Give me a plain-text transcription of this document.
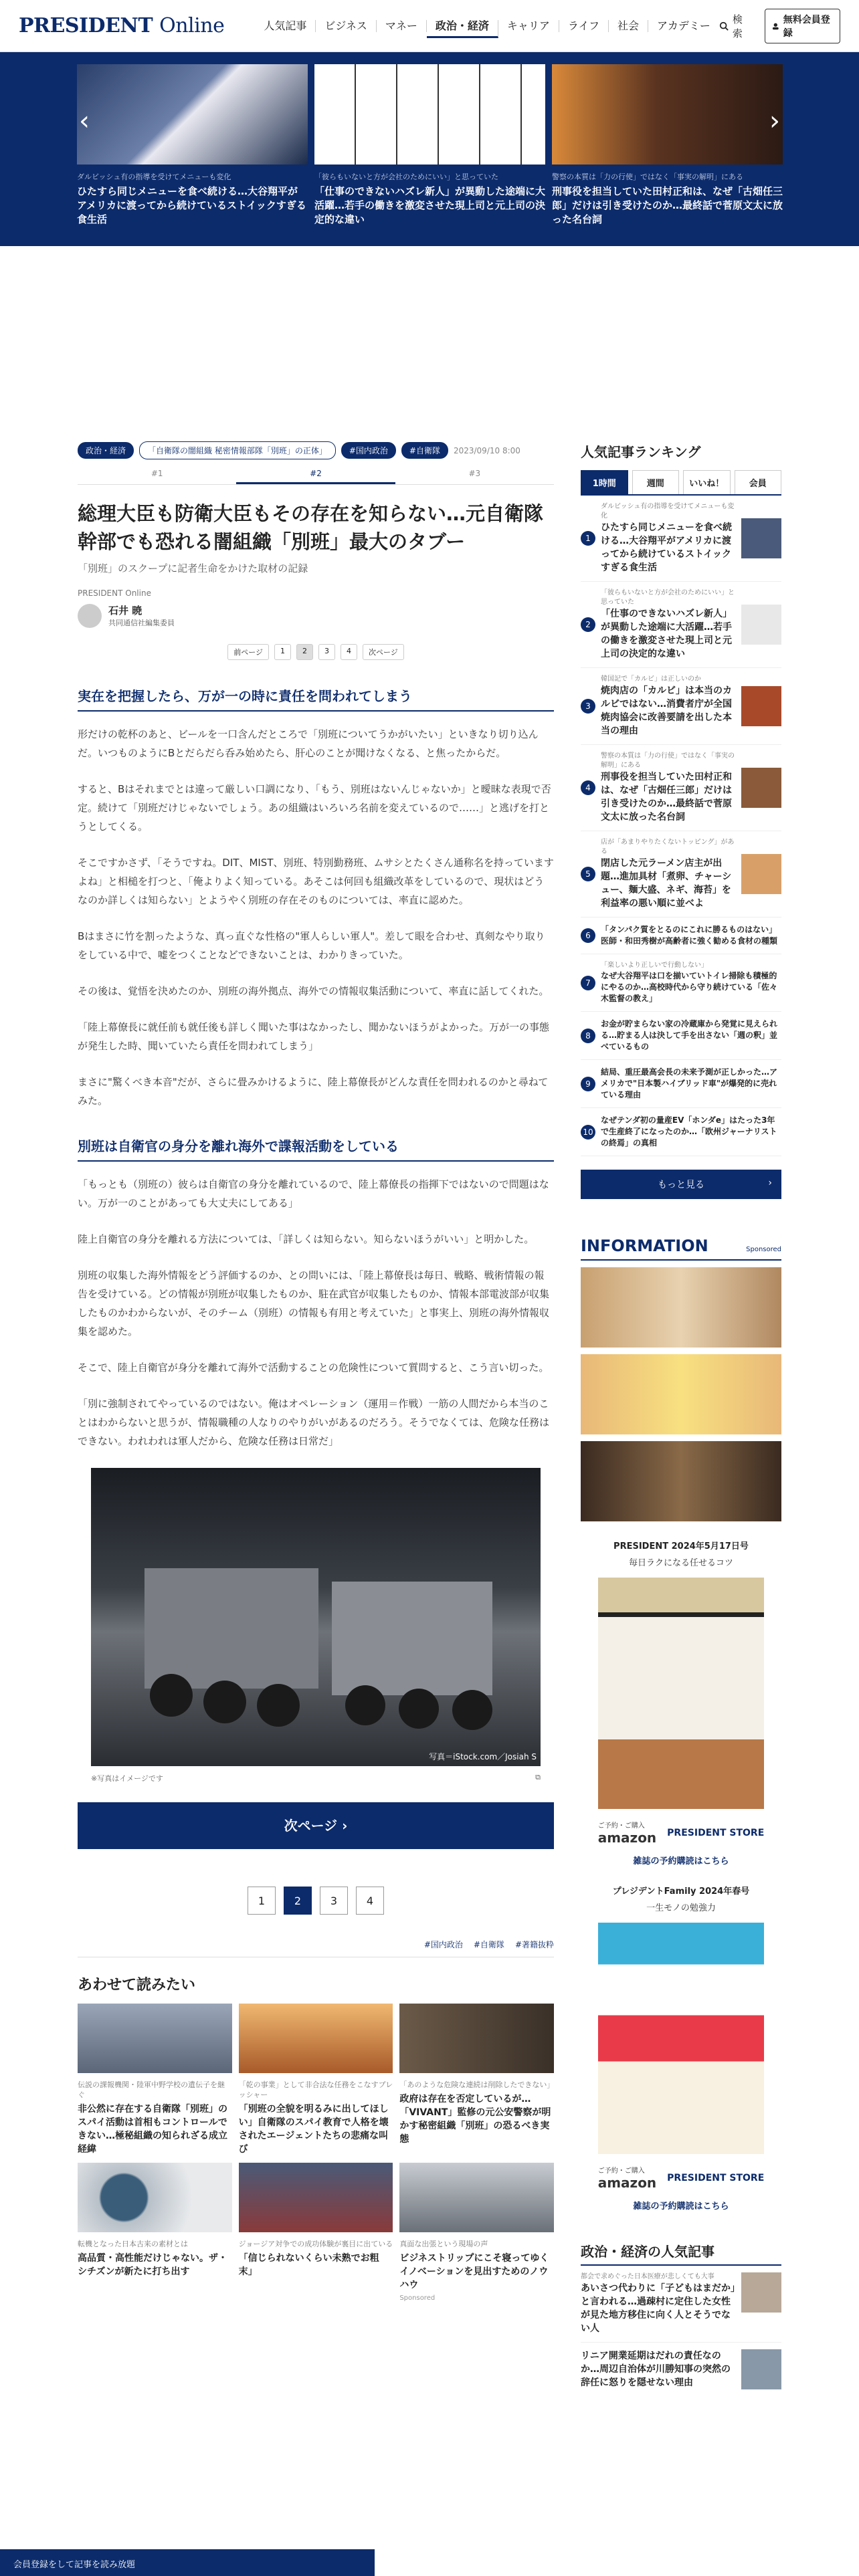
PRESIDENT Online	人気記事	ビジネス	マネー	政治・経済	キャリア	ライフ	社会	アカデミー	検索
無料会員登録
‹
ダルビッシュ有の指導を受けてメニューも変化
ひたすら同じメニューを食べ続ける…大谷翔平がアメリカに渡ってから続けているストイックすぎる食生活
「彼らもいないと方が会社のためにいい」と思っていた
「仕事のできないハズレ新人」が異動した途端に大活躍…若手の働きを激変させた現上司と元上司の決定的な違い
警察の本質は「力の行使」ではなく「事実の解明」にある
刑事役を担当していた田村正和は、なぜ「古畑任三郎」だけは引き受けたのか…最終話で菅原文太に放った名台詞
›
政治・経済	「自衛隊の闇組織 秘密情報部隊「別班」の正体」	#国内政治	#自衛隊	2023/09/10 8:00
#1	#2	#3
総理大臣も防衛大臣もその存在を知らない…元自衛隊幹部でも恐れる闇組織「別班」最大のタブー
「別班」のスクープに記者生命をかけた取材の記録
PRESIDENT Online
石井 暁
共同通信社編集委員
前ページ	1	2	3	4	次ページ
実在を把握したら、万が一の時に責任を問われてしまう

形だけの乾杯のあと、ビールを一口含んだところで「別班についてうかがいたい」といきなり切り込んだ。いつものようにBとだらだら呑み始めたら、肝心のことが聞けなくなる、と焦ったからだ。

すると、Bはそれまでとは違って厳しい口調になり、「もう、別班はないんじゃないか」と曖昧な表現で否定。続けて「別班だけじゃないでしょう。あの組織はいろいろ名前を変えているので……」と逃げを打とうとしてくる。

そこですかさず、「そうですね。DIT、MIST、別班、特別勤務班、ムサシとたくさん通称名を持っていますよね」と相槌を打つと、「俺よりよく知っている。あそこは何回も組織改革をしているので、現状はどうなのか詳しくは知らない」とようやく別班の存在そのものについては、率直に認めた。

Bはまさに竹を割ったような、真っ直ぐな性格の"軍人らしい軍人"。差して眼を合わせ、真剣なやり取りをしている中で、嘘をつくことなどできないことは、わかりきっていた。

その後は、覚悟を決めたのか、別班の海外拠点、海外での情報収集活動について、率直に話してくれた。

「陸上幕僚長に就任前も就任後も詳しく聞いた事はなかったし、聞かないほうがよかった。万が一の事態が発生した時、聞いていたら責任を問われてしまう」

まさに"驚くべき本音"だが、さらに畳みかけるように、陸上幕僚長がどんな責任を問われるのかと尋ねてみた。

別班は自衛官の身分を離れ海外で諜報活動をしている

「もっとも（別班の）彼らは自衛官の身分を離れているので、陸上幕僚長の指揮下ではないので問題はない。万が一のことがあっても大丈夫にしてある」

陸上自衛官の身分を離れる方法については、「詳しくは知らない。知らないほうがいい」と明かした。

別班の収集した海外情報をどう評価するのか、との問いには、「陸上幕僚長は毎日、戦略、戦術情報の報告を受けている。どの情報が別班が収集したものか、駐在武官が収集したものか、情報本部電波部が収集したものかわからないが、そのチーム（別班）の情報も有用と考えていた」と事実上、別班の海外情報収集を認めた。

そこで、陸上自衛官が身分を離れて海外で活動することの危険性について質問すると、こう言い切った。

「別に強制されてやっているのではない。俺はオペレーション（運用＝作戦）一筋の人間だから本当のことはわからないと思うが、情報職種の人なりのやりがいがあるのだろう。そうでなくては、危険な任務はできない。われわれは軍人だから、危険な任務は日常だ」

写真＝iStock.com／Josiah S
※写真はイメージです	⧉
次ページ ›
1	2	3	4
#国内政治 #自衛隊 #著籍抜粋
あわせて読みたい
伝説の課報機関・陸軍中野学校の遺伝子を継ぐ
非公然に存在する自衛隊「別班」のスパイ活動は首相もコントロールできない…極秘組織の知られざる成立経緯
「乾の事業」として非合法な任務をこなすプレッシャー
「別班の全貌を明るみに出してほしい」自衛隊のスパイ教育で人格を壊されたエージェントたちの悲痛な叫び
「あのような危険な連続は削除したできない」
政府は存在を否定しているが…「VIVANT」監修の元公安警察が明かす秘密組織「別班」の恐るべき実態
転機となった日本古来の素材とは
高品質・高性能だけじゃない。ザ・シチズンが新たに打ち出す
ジョージア対争での成功体験が裏目に出ている
「信じられないくらい未熟でお粗末」
真面な出張という現場の声
ビジネストリップにこそ寝ってゆくイノベーションを見出すためのノウハウ
Sponsored
人気記事ランキング
1時間	週間	いいね！	会員
1
ダルビッシュ有の指導を受けてメニューも変化
ひたすら同じメニューを食べ続ける…大谷翔平がアメリカに渡ってから続けているストイックすぎる食生活
2
「彼らもいないと方が会社のためにいい」と思っていた
「仕事のできないハズレ新人」が異動した途端に大活躍…若手の働きを激変させた現上司と元上司の決定的な違い
3
韓国記で「カルビ」は正しいのか
焼肉店の「カルビ」は本当のカルビではない…消費者庁が全国焼肉協会に改善要請を出した本当の理由
4
警察の本質は「力の行使」ではなく「事実の解明」にある
刑事役を担当していた田村正和は、なぜ「古畑任三郎」だけは引き受けたのか…最終話で菅原文太に放った名台詞
5
店が「あまりやりたくないトッピング」がある
閉店した元ラーメン店主が出題…進加具材「煮卵、チャーシュー、麺大盛、ネギ、海苔」を利益率の悪い順に並べよ
6
「タンパク質をとるのにこれに勝るものはない」医師・和田秀樹が高齢者に強く勧める食材の種類
7
「楽しいより正しいで行動しない」
なぜ大谷翔平は口を揃いていトイレ掃除も積極的にやるのか…高校時代から守り続けている「佐々木監督の教え」
8
お金が貯まらない家の冷蔵庫から発覚に見えられる…貯まる人は決して手を出さない「週の釈」並べているもの
9
結局、重圧最高会長の未来予測が正しかった…アメリカで"日本製ハイブリッド車"が爆発的に売れている理由
10
なぜテンダ初の量産EV「ホンダe」はたった3年で生産終了になったのか…「欧州ジャーナリストの終焉」の真相
もっと見る	›
INFORMATION	Sponsored
PRESIDENT 2024年5月17日号
毎日ラクになる任せるコツ
ご予約・ご購入
amazon PRESIDENT STORE
雑誌の予約購読はこちら
プレジデントFamily 2024年春号
一生モノの勉強力
ご予約・ご購入
amazon PRESIDENT STORE
雑誌の予約購読はこちら
政治・経済の人気記事
都会で求めぐった日本医療が悲しくても大事
あいさつ代わりに「子どもはまだか」と言われる…過疎村に定住した女性が見た地方移住に向く人とそうでない人
リニア開業延期はだれの責任なのか…周辺自治体が川勝知事の突然の辞任に怒りを隠せない理由
会員登録をして記事を読み放題
